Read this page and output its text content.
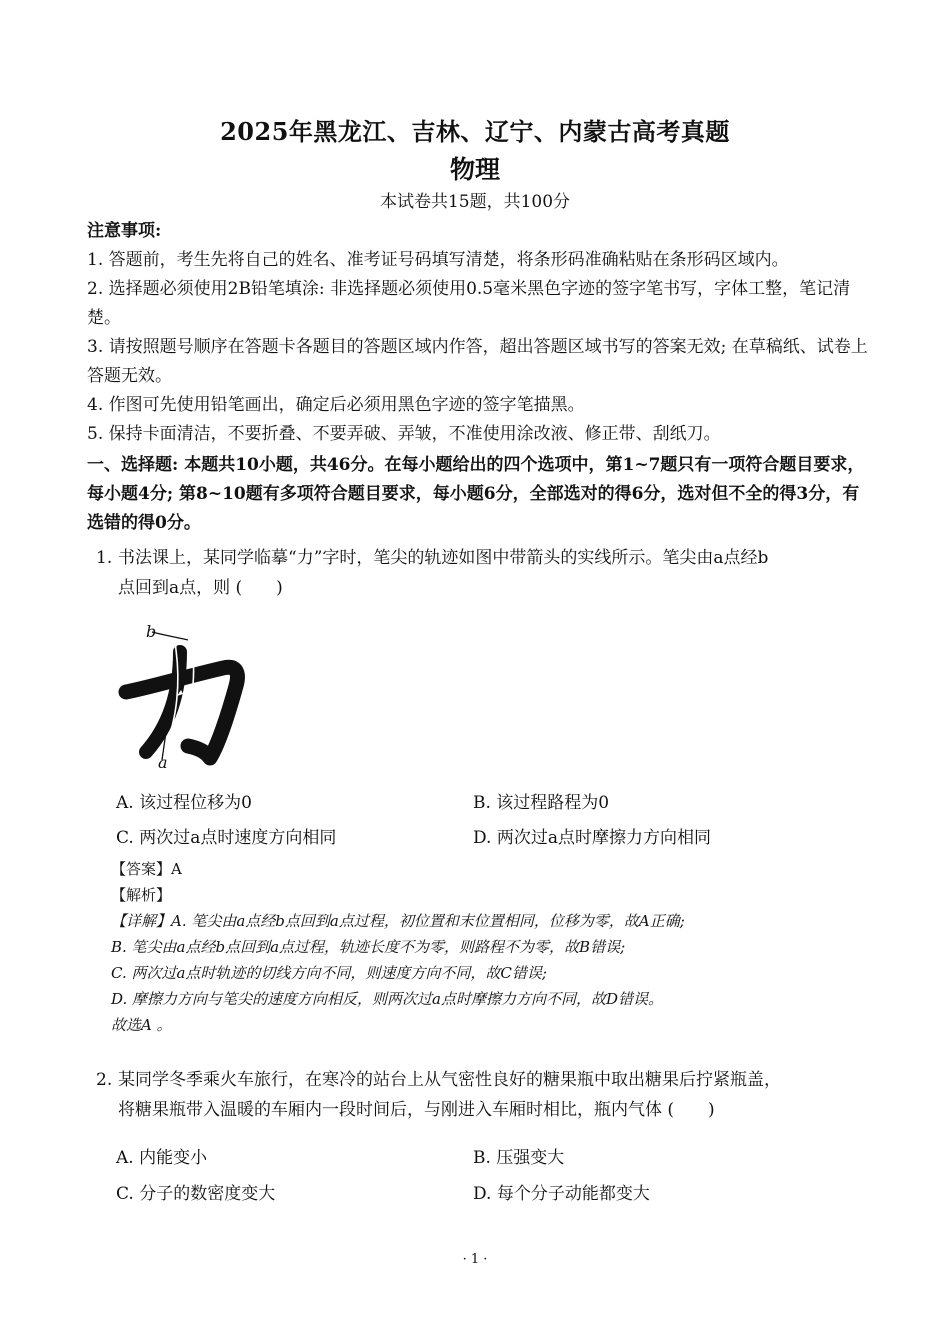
2025年黑龙江、吉林、辽宁、内蒙古高考真题
物理
本试卷共15题，共100分
注意事项:

1. 答题前，考生先将自己的姓名、准考证号码填写清楚，将条形码准确粘贴在条形码区域内。

2. 选择题必须使用2B铅笔填涂: 非选择题必须使用0.5毫米黑色字迹的签字笔书写，字体工整，笔记清楚。

3. 请按照题号顺序在答题卡各题目的答题区域内作答，超出答题区域书写的答案无效; 在草稿纸、试卷上答题无效。

4. 作图可先使用铅笔画出，确定后必须用黑色字迹的签字笔描黑。

5. 保持卡面清洁，不要折叠、不要弄破、弄皱，不准使用涂改液、修正带、刮纸刀。

一、选择题: 本题共10小题，共46分。在每小题给出的四个选项中，第1~7题只有一项符合题目要求，每小题4分; 第8~10题有多项符合题目要求，每小题6分，全部选对的得6分，选对但不全的得3分，有选错的得0分。
1. 书法课上，某同学临摹“力”字时，笔尖的轨迹如图中带箭头的实线所示。笔尖由a点经b
点回到a点，则 (　　)
b
a
A. 该过程位移为0	B. 该过程路程为0
C. 两次过a点时速度方向相同	D. 两次过a点时摩擦力方向相同

【答案】A

【解析】

【详解】A. 笔尖由a点经b点回到a点过程，初位置和末位置相同，位移为零，故A正确;

B. 笔尖由a点经b点回到a点过程，轨迹长度不为零，则路程不为零，故B错误;

C. 两次过a点时轨迹的切线方向不同，则速度方向不同，故C错误;

D. 摩擦力方向与笔尖的速度方向相反，则两次过a点时摩擦力方向不同，故D错误。

故选A 。

2. 某同学冬季乘火车旅行，在寒冷的站台上从气密性良好的糖果瓶中取出糖果后拧紧瓶盖，
将糖果瓶带入温暖的车厢内一段时间后，与刚进入车厢时相比，瓶内气体 (　　)
A. 内能变小	B. 压强变大
C. 分子的数密度变大	D. 每个分子动能都变大
· 1 ·
